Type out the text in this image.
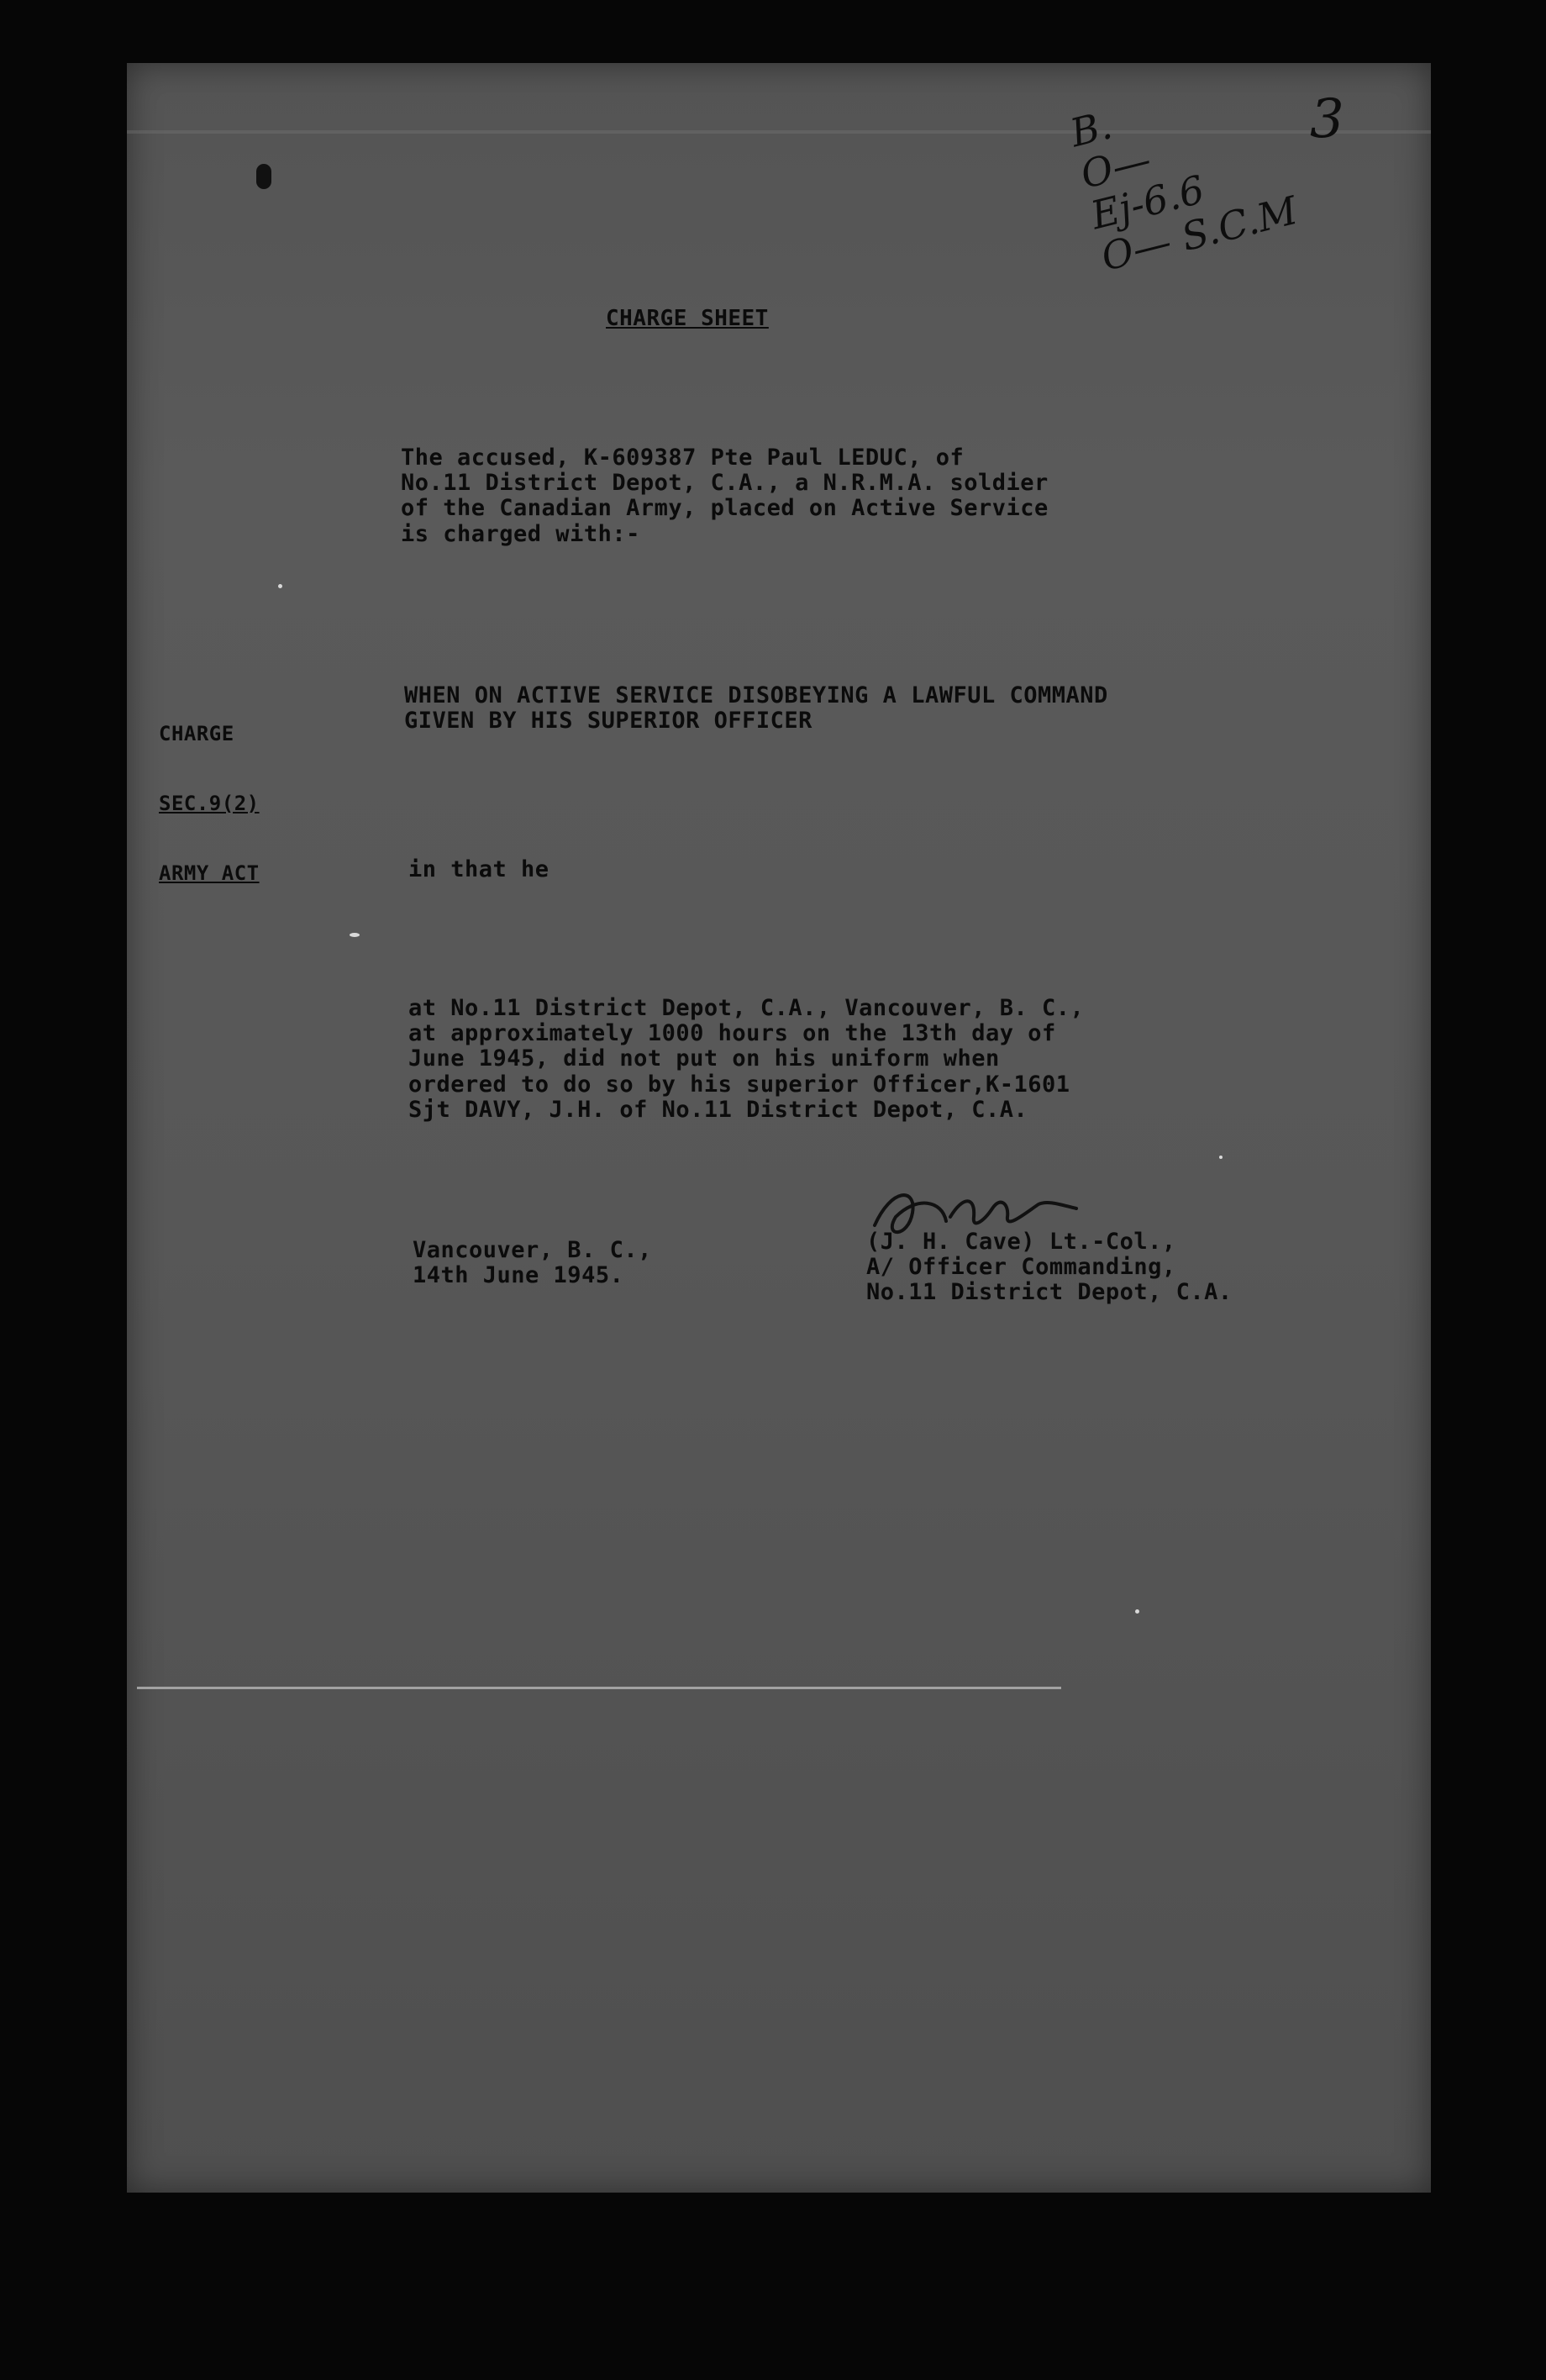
3
B.
O—
Ej-6.6
O— S.C.M
CHARGE SHEET
The accused, K-609387 Pte Paul LEDUC, of
No.11 District Depot, C.A., a N.R.M.A. soldier
of the Canadian Army, placed on Active Service
is charged with:-

CHARGE

SEC.9(2)

ARMY ACT

WHEN ON ACTIVE SERVICE DISOBEYING A LAWFUL COMMAND
GIVEN BY HIS SUPERIOR OFFICER
in that he
at No.11 District Depot, C.A., Vancouver, B. C.,
at approximately 1000 hours on the 13th day of
June 1945, did not put on his uniform when
ordered to do so by his superior Officer,K-1601
Sjt DAVY, J.H. of No.11 District Depot, C.A.
Vancouver, B. C.,
14th June 1945.
(J. H. Cave) Lt.-Col.,
A/ Officer Commanding,
No.11 District Depot, C.A.
